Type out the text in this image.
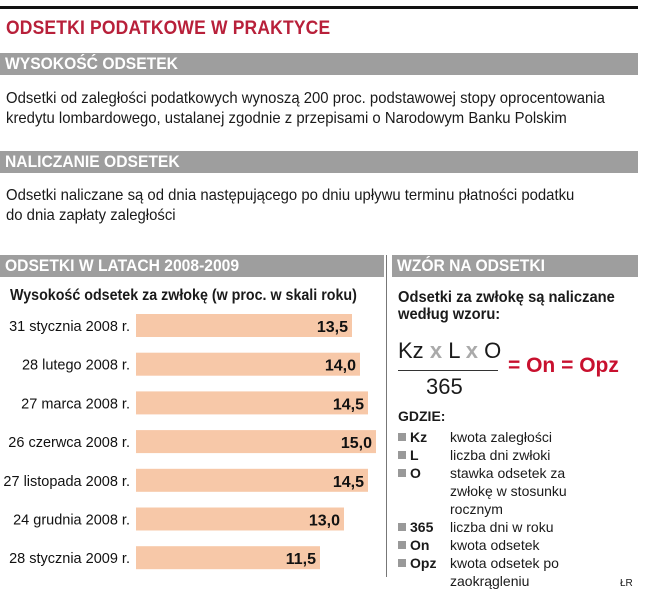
ODSETKI PODATKOWE W PRAKTYCE
WYSOKOŚĆ ODSETEK
Odsetki od zaległości podatkowych wynoszą 200 proc. podstawowej stopy oprocentowania
kredytu lombardowego, ustalanej zgodnie z przepisami o Narodowym Banku Polskim
NALICZANIE ODSETEK
Odsetki naliczane są od dnia następującego po dniu upływu terminu płatności podatku
do dnia zapłaty zaległości
ODSETKI W LATACH 2008-2009
Wysokość odsetek za zwłokę (w proc. w skali roku)
31 stycznia 2008 r.	13,5
28 lutego 2008 r.	14,0
27 marca 2008 r.	14,5
26 czerwca 2008 r.	15,0
27 listopada 2008 r.	14,5
24 grudnia 2008 r.	13,0
28 stycznia 2009 r.	11,5
WZÓR NA ODSETKI
Odsetki za zwłokę są naliczane
według wzoru:
Kz x L x O
365
= On = Opz
GDZIE:
Kz kwota zaległości
L liczba dni zwłoki
O stawka odsetek za zwłokę w stosunku rocznym
365 liczba dni w roku
On kwota odsetek
Opz kwota odsetek po zaokrągleniu	ŁR
